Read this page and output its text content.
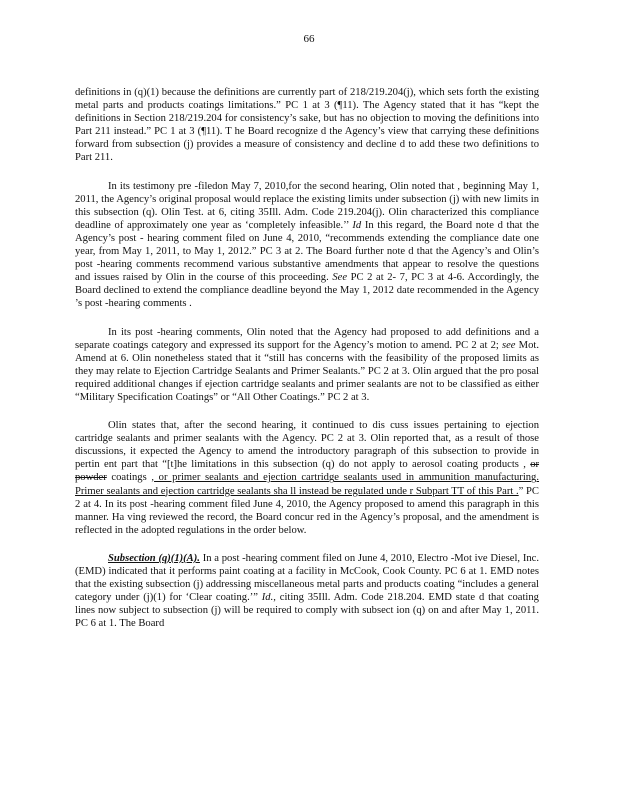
66

definitions in (q)(1) because the definitions are currently part of 218/219.204(j), which sets forth the existing metal parts and products coatings limitations.” PC 1 at 3 (¶11). The Agency stated that it has “kept the definitions in Section 218/219.204 for consistency’s sake, but has no objection to moving the definitions into Part 211 instead.” PC 1 at 3 (¶11). T he Board recognize d the Agency’s view that carrying these definitions forward from subsection (j) provides a measure of consistency and decline d to add these two definitions to Part 211.

In its testimony pre -filedon May 7, 2010,for the second hearing, Olin noted that , beginning May 1, 2011, the Agency’s original proposal would replace the existing limits under subsection (j) with new limits in this subsection (q). Olin Test. at 6, citing 35Ill. Adm. Code 219.204(j). Olin characterized this compliance deadline of approximately one year as ‘completely infeasible.’’ Id In this regard, the Board note d that the Agency’s post - hearing comment filed on June 4, 2010, “recommends extending the compliance date one year, from May 1, 2011, to May 1, 2012.” PC 3 at 2. The Board further note d that the Agency’s and Olin’s post -hearing comments recommend various substantive amendments that appear to resolve the questions and issues raised by Olin in the course of this proceeding. See PC 2 at 2- 7, PC 3 at 4-6. Accordingly, the Board declined to extend the compliance deadline beyond the May 1, 2012 date recommended in the Agency ’s post -hearing comments .

In its post -hearing comments, Olin noted that the Agency had proposed to add definitions and a separate coatings category and expressed its support for the Agency’s motion to amend. PC 2 at 2; see Mot. Amend at 6. Olin nonetheless stated that it “still has concerns with the feasibility of the proposed limits as they may relate to Ejection Cartridge Sealants and Primer Sealants.” PC 2 at 3. Olin argued that the pro posal required additional changes if ejection cartridge sealants and primer sealants are not to be classified as either “Military Specification Coatings” or “All Other Coatings.” PC 2 at 3.

Olin states that, after the second hearing, it continued to dis cuss issues pertaining to ejection cartridge sealants and primer sealants with the Agency. PC 2 at 3. Olin reported that, as a result of those discussions, it expected the Agency to amend the introductory paragraph of this subsection to provide in pertin ent part that “[t]he limitations in this subsection (q) do not apply to aerosol coating products , or powder coatings , or primer sealants and ejection cartridge sealants used in ammunition manufacturing. Primer sealants and ejection cartridge sealants sha ll instead be regulated unde r Subpart TT of this Part .” PC 2 at 4. In its post -hearing comment filed June 4, 2010, the Agency proposed to amend this paragraph in this manner. Ha ving reviewed the record, the Board concur red in the Agency’s proposal, and the amendment is reflected in the adopted regulations in the order below.

Subsection (q)(1)(A). In a post -hearing comment filed on June 4, 2010, Electro -Mot ive Diesel, Inc. (EMD) indicated that it performs paint coating at a facility in McCook, Cook County. PC 6 at 1. EMD notes that the existing subsection (j) addressing miscellaneous metal parts and products coating “includes a general category under (j)(1) for ‘Clear coating.’” Id., citing 35Ill. Adm. Code 218.204. EMD state d that coating lines now subject to subsection (j) will be required to comply with subsect ion (q) on and after May 1, 2011. PC 6 at 1. The Board
